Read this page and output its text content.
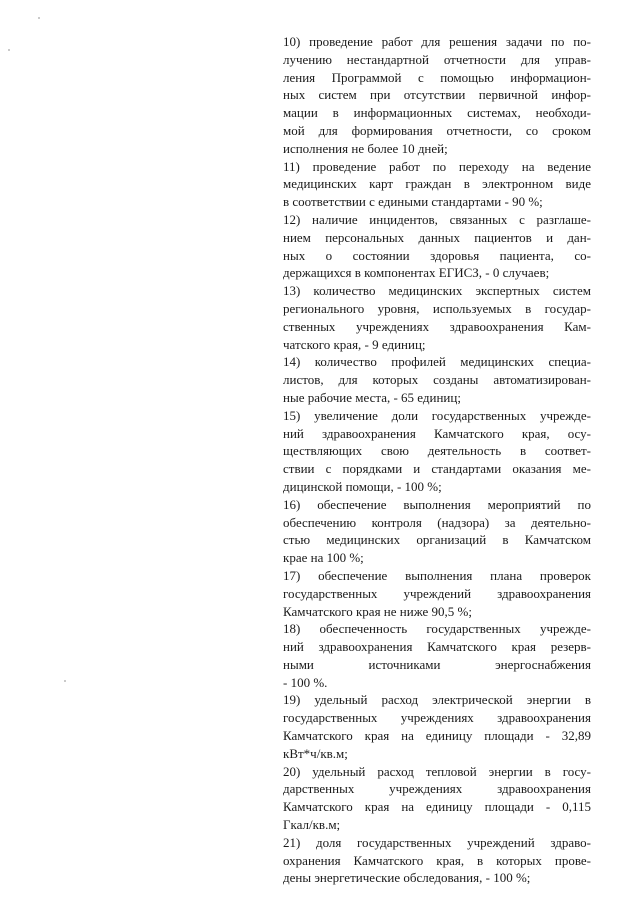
10) проведение работ для решения задачи по по-
лучению нестандартной отчетности для управ-
ления Программой с помощью информацион-
ных систем при отсутствии первичной инфор-
мации в информационных системах, необходи-
мой для формирования отчетности, со сроком
исполнения не более 10 дней;

11) проведение работ по переходу на ведение
медицинских карт граждан в электронном виде
в соответствии с едиными стандартами - 90 %;

12) наличие инцидентов, связанных с разглаше-
нием персональных данных пациентов и дан-
ных о состоянии здоровья пациента, со-
держащихся в компонентах ЕГИСЗ, - 0 случаев;

13) количество медицинских экспертных систем
регионального уровня, используемых в государ-
ственных учреждениях здравоохранения Кам-
чатского края, - 9 единиц;

14) количество профилей медицинских специа-
листов, для которых созданы автоматизирован-
ные рабочие места, - 65 единиц;

15) увеличение доли государственных учрежде-
ний здравоохранения Камчатского края, осу-
ществляющих свою деятельность в соответ-
ствии с порядками и стандартами оказания ме-
дицинской помощи, - 100 %;

16) обеспечение выполнения мероприятий по
обеспечению контроля (надзора) за деятельно-
стью медицинских организаций в Камчатском
крае на 100 %;

17) обеспечение выполнения плана проверок
государственных учреждений здравоохранения
Камчатского края не ниже 90,5 %;

18) обеспеченность государственных учрежде-
ний здравоохранения Камчатского края резерв-
ными источниками энергоснабжения
- 100 %.

19) удельный расход электрической энергии в
государственных учреждениях здравоохранения
Камчатского края на единицу площади - 32,89
кВт*ч/кв.м;

20) удельный расход тепловой энергии в госу-
дарственных учреждениях здравоохранения
Камчатского края на единицу площади - 0,115
Гкал/кв.м;

21) доля государственных учреждений здраво-
охранения Камчатского края, в которых прове-
дены энергетические обследования, - 100 %;
